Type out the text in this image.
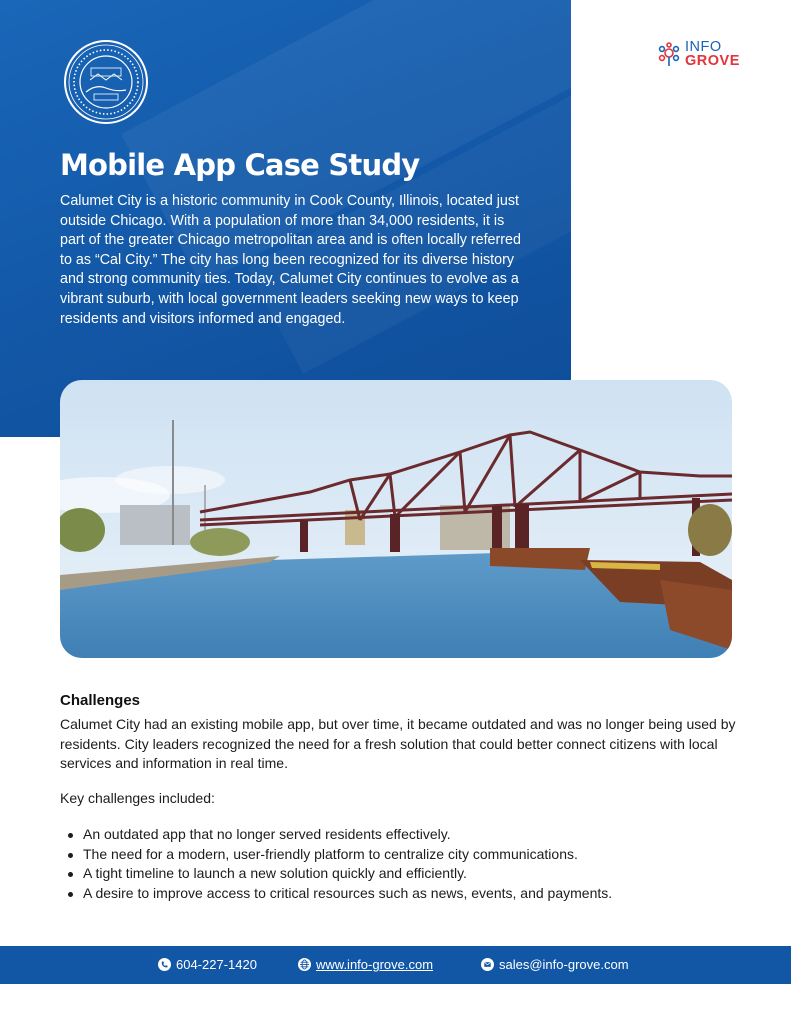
Mobile App Case Study
Calumet City is a historic community in Cook County, Illinois, located just outside Chicago. With a population of more than 34,000 residents, it is part of the greater Chicago metropolitan area and is often locally referred to as “Cal City.” The city has long been recognized for its diverse history and strong community ties. Today, Calumet City continues to evolve as a vibrant suburb, with local government leaders seeking new ways to keep residents and visitors informed and engaged.
INFO
GROVE
Challenges

Calumet City had an existing mobile app, but over time, it became outdated and was no longer being used by residents. City leaders recognized the need for a fresh solution that could better connect citizens with local services and information in real time.

Key challenges included:

An outdated app that no longer served residents effectively.
The need for a modern, user-friendly platform to centralize city communications.
A tight timeline to launch a new solution quickly and efficiently.
A desire to improve access to critical resources such as news, events, and payments.
604-227-1420	www.info-grove.com	sales@info-grove.com
